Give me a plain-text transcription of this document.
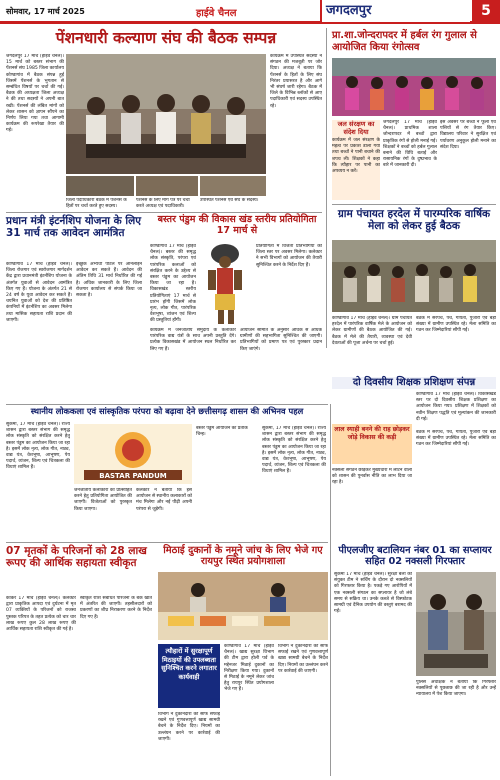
सोमवार, 17 मार्च 2025	हाईवे चैनल	जगदलपुर	5
पेंशनधारी कल्याण संघ की बैठक सम्पन्न
जगदलपुर 17 मार्च (हाईवे चैनल)। 15 मार्च को बस्तर संभाग की पेंशनर्स संघ 1985 जिला कार्यालय कोण्डागांव में बैठक संपन्न हुई जिसमें पेंशनर्स के भुगतान से सम्बंधित विषयों पर चर्चा की गई। बैठक की अध्यक्षता जिला अध्यक्ष ने की तथा सदस्यों ने अपनी बात रखी। पेंशनर्स की लंबित मांगों को लेकर शासन को ज्ञापन सौंपने का निर्णय लिया गया तथा आगामी कार्यक्रम की रूपरेखा तैयार की गई।
कार्यक्रम में उपस्थित सदस्यों ने संगठन की मजबूती पर जोर दिया। अध्यक्ष ने बताया कि पेंशनर्स के हितों के लिए संघ निरंतर प्रयासरत है और आगे भी संघर्ष जारी रहेगा। बैठक में जिले के विभिन्न ब्लॉकों से आए पदाधिकारी एवं सदस्य उपस्थित रहे।
जिला पदाधिकारी बैठक में पेंशनर्स के हितों पर चर्चा करते हुए सदस्य।
पेंशनर्स के लिए मांग पत्र पर चर्चा करते अध्यक्ष एवं पदाधिकारी।
उपस्थित पेंशनर्स एवं संघ के सदस्य।
प्रधान मंत्री इंटर्नशिप योजना के लिए 31 मार्च तक आवेदन आमंत्रित
कोण्डागांव 17 मार्च (हाईवे चैनल)। जिला रोजगार एवं स्वरोजगार मार्गदर्शन केंद्र द्वारा प्रधानमंत्री इंटर्नशिप योजना के अंतर्गत युवाओं से आवेदन आमंत्रित किए गए हैं। योजना के अंतर्गत 21 से 24 वर्ष के युवा आवेदन कर सकते हैं। चयनित युवाओं को देश की प्रतिष्ठित कंपनियों में इंटर्नशिप का अवसर मिलेगा तथा मासिक सहायता राशि प्रदान की जाएगी।
इच्छुक अभ्यर्थी पोर्टल पर ऑनलाइन आवेदन कर सकते हैं। आवेदन की अंतिम तिथि 31 मार्च निर्धारित की गई है। अधिक जानकारी के लिए जिला रोजगार कार्यालय से संपर्क किया जा सकता है।
बस्तर पंडुम की विकास खंड स्तरीय प्रतियोगिता 17 मार्च से
कोण्डागांव 17 मार्च (हाईवे चैनल)। बस्तर की समृद्ध लोक संस्कृति, परंपरा एवं पारंपरिक कलाओं को संरक्षित करने के उद्देश्य से बस्तर पंडुम का आयोजन किया जा रहा है। विकासखंड स्तरीय प्रतियोगिताएं 17 मार्च से प्रारंभ होंगी जिसमें लोक नृत्य, लोक गीत, पारंपरिक वेशभूषा, व्यंजन एवं शिल्प की प्रस्तुतियां होंगी।
प्रतियोगिता में विजेता प्रतिभागियों को जिला स्तर पर अवसर मिलेगा। कलेक्टर ने सभी विभागों को आयोजन की तैयारी सुनिश्चित करने के निर्देश दिए हैं।
कार्यक्रम में जनजातीय समुदाय के कलाकार पारंपरिक वाद्य यंत्रों के साथ अपनी प्रस्तुति देंगे। प्रत्येक विकासखंड में आयोजन स्थल निर्धारित कर लिए गए हैं।
आयोजन समिति के अनुसार अधिक से अधिक ग्रामीणों की सहभागिता सुनिश्चित की जाएगी। प्रतिभागियों को प्रमाण पत्र एवं पुरस्कार प्रदान किए जाएंगे।
प्रा.शा.जोन्दरापदर में हर्बल रंग गुलाल से आयोजित किया रंगोत्सव
जल संरक्षण का संदेश दिया
कार्यक्रम में जल संरक्षण के महत्व पर प्रकाश डाला गया तथा बच्चों ने पानी बचाने की शपथ ली। शिक्षकों ने कहा कि त्यौहार पर पानी का अपव्यय न करें।
जगदलपुर 17 मार्च (हाईवे चैनल)। प्राथमिक शाला जोन्दरापदर में बच्चों द्वारा प्राकृतिक रंगों से होली मनाई गई। शिक्षकों ने बच्चों को हर्बल गुलाल बनाने की विधि बताई और रासायनिक रंगों के दुष्प्रभाव के बारे में जानकारी दी।
इस अवसर पर बच्चों ने फूलों एवं पत्तियों से रंग तैयार किए। विद्यालय परिवार ने सुरक्षित एवं पर्यावरण अनुकूल होली मनाने का संदेश दिया।
ग्राम पंचायत हरदेल में पारम्परिक वार्षिक मेला को लेकर हुई बैठक
कोण्डागांव 17 मार्च (हाईवे चैनल)। ग्राम पंचायत हरदेल में पारंपरिक वार्षिक मेले के आयोजन को लेकर ग्रामीणों की बैठक आयोजित की गई। बैठक में मेले की तैयारी, व्यवस्था एवं देवी देवताओं की पूजा अर्चना पर चर्चा हुई।
बैठक में सरपंच, पंच, गायता, पुजारी एवं बड़ी संख्या में ग्रामीण उपस्थित रहे। मेला समिति का गठन कर जिम्मेदारियां सौंपी गईं।
दो दिवसीय शिक्षक प्रशिक्षण संपन्न
कोण्डागांव 17 मार्च (हाईवे चैनल)। विकासखंड स्तर पर दो दिवसीय शिक्षक प्रशिक्षण का आयोजन किया गया। प्रशिक्षण में शिक्षकों को नवीन शिक्षण पद्धति एवं मूल्यांकन की जानकारी दी गई।
स्थानीय लोककला एवं सांस्कृतिक परंपरा को बढ़ावा देने छत्तीसगढ़ शासन की अभिनव पहल
सुकमा, 17 मार्च (हाईवे चैनल)। राज्य शासन द्वारा बस्तर संभाग की समृद्ध लोक संस्कृति को संरक्षित करने हेतु बस्तर पंडुम का आयोजन किया जा रहा है। इसमें लोक नृत्य, लोक गीत, नाट्य, वाद्य यंत्र, वेशभूषा, आभूषण, पेय पदार्थ, व्यंजन, शिल्प एवं चित्रकला की विधाएं शामिल हैं।
BASTAR PANDUM
जनजातीय कलाकारों को प्रोत्साहित करने हेतु प्रतियोगिता आयोजित की जाएगी। विजेताओं को पुरस्कृत किया जाएगा।
कलेक्टर ने बताया कि इस आयोजन से स्थानीय कलाकारों को मंच मिलेगा और नई पीढ़ी अपनी परंपरा से जुड़ेगी।
बस्तर पंडुम आयोजन का प्रतीक चिन्ह।
सुकमा, 17 मार्च (हाईवे चैनल)। राज्य शासन द्वारा बस्तर संभाग की समृद्ध लोक संस्कृति को संरक्षित करने हेतु बस्तर पंडुम का आयोजन किया जा रहा है। इसमें लोक नृत्य, लोक गीत, नाट्य, वाद्य यंत्र, वेशभूषा, आभूषण, पेय पदार्थ, व्यंजन, शिल्प एवं चित्रकला की विधाएं शामिल हैं।
लाल स्याही बनने की राह छोड़कर जोड़े विकास की कड़ी
नक्सली संगठन छोड़कर मुख्यधारा में लौटने वालों को शासन की पुनर्वास नीति का लाभ दिया जा रहा है।
बैठक में सरपंच, पंच, गायता, पुजारी एवं बड़ी संख्या में ग्रामीण उपस्थित रहे। मेला समिति का गठन कर जिम्मेदारियां सौंपी गईं।
07 मृतकों के परिजनों को 28 लाख रूपए की आर्थिक सहायता स्वीकृत
कांकेर 17 मार्च (हाईवे चैनल)। कलेक्टर द्वारा प्राकृतिक आपदा एवं दुर्घटना में मृत 07 व्यक्तियों के परिजनों को राजस्व पुस्तक परिपत्र के तहत प्रत्येक को चार चार लाख रूपए कुल 28 लाख रूपए की आर्थिक सहायता राशि स्वीकृत की गई है।
स्वीकृत राशि संबंधित परिजनों के बैंक खाते में अंतरित की जाएगी। तहसीलदारों को प्रकरणों का शीघ्र निराकरण करने के निर्देश दिए गए हैं।
मिठाई दुकानों के नमूने जांच के लिए भेजे गए रायपुर स्थित प्रयोगशाला
त्यौहारों में सुरक्षापूर्ण मिठाइयों की उपलब्धता सुनिश्चित करने लगातार कार्यवाही
कोण्डागांव 17 मार्च (हाईवे चैनल)। खाद्य सुरक्षा विभाग की टीम द्वारा होली पर्व के मद्देनजर मिठाई दुकानों का निरीक्षण किया गया। दुकानों से मिठाई के नमूने लेकर जांच हेतु रायपुर स्थित प्रयोगशाला भेजे गए हैं।
विभाग ने दुकानदारों को साफ सफाई रखने एवं गुणवत्तापूर्ण खाद्य सामग्री बेचने के निर्देश दिए। नियमों का उल्लंघन करने पर कार्रवाई की जाएगी।
विभाग ने दुकानदारों को साफ सफाई रखने एवं गुणवत्तापूर्ण खाद्य सामग्री बेचने के निर्देश दिए। नियमों का उल्लंघन करने पर कार्रवाई की जाएगी।
पीएलजीए बटालियन नंबर 01 का सप्लायर सहित 02 नक्सली गिरफ्तार
सुकमा 17 मार्च (हाईवे चैनल)। सुरक्षा बलों की संयुक्त टीम ने सर्चिंग के दौरान दो नक्सलियों को गिरफ्तार किया है। पकड़े गए आरोपियों में एक नक्सली संगठन का सप्लायर है जो लंबे समय से सक्रिय था। उनके कब्जे से विस्फोटक सामग्री एवं दैनिक उपयोग की वस्तुएं बरामद की गईं।
पुलिस अधीक्षक ने बताया कि गिरफ्तार नक्सलियों से पूछताछ की जा रही है और उन्हें न्यायालय में पेश किया जाएगा।
